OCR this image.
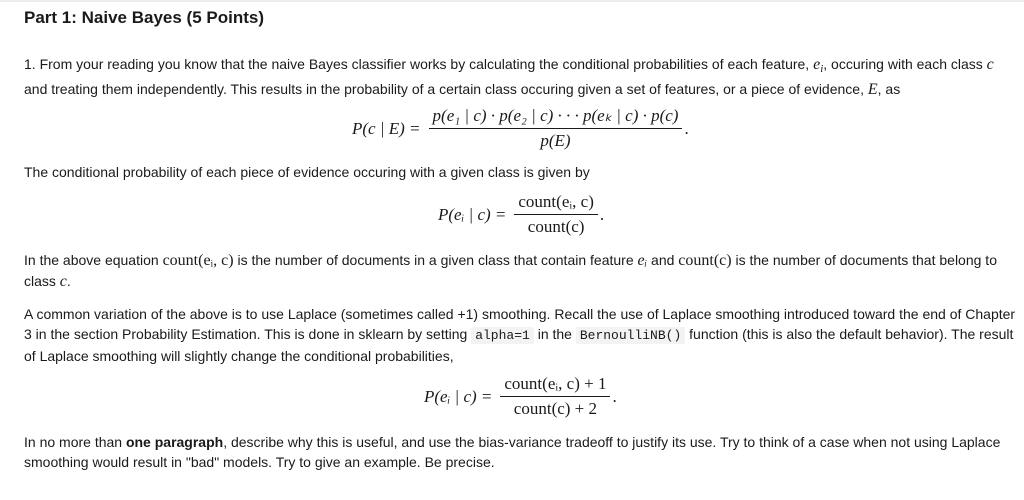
Part 1: Naive Bayes (5 Points)

1. From your reading you know that the naive Bayes classifier works by calculating the conditional probabilities of each feature, $e_i$, occuring with each class c and treating them independently. This results in the probability of a certain class occuring given a set of features, or a piece of evidence, E, as

P(c | $E) = \frac{\text{p(e₁ | c) · p(e₂ | c) · · · p(eₖ | c) · p(c)}}{p(E)}$ .

The conditional probability of each piece of evidence occuring with a given class is given by

P(eᵢ | $c) = \frac{\text{count(eᵢ, c)}}{\text{count(c)}}$ .

In the above equation count(eᵢ, c) is the number of documents in a given class that contain feature eᵢ and count(c) is the number of documents that belong to class c.

A common variation of the above is to use Laplace (sometimes called +1) smoothing. Recall the use of Laplace smoothing introduced toward the end of Chapter 3 in the section Probability Estimation. This is done in sklearn by setting alpha=1 in the BernoulliNB() function (this is also the default behavior). The result of Laplace smoothing will slightly change the conditional probabilities,

P(eᵢ | $c) = \frac{\text{count(eᵢ, c) + 1}}{\text{count(c) + 2}}$ .

In no more than one paragraph, describe why this is useful, and use the bias-variance tradeoff to justify its use. Try to think of a case when not using Laplace smoothing would result in "bad" models. Try to give an example. Be precise.
